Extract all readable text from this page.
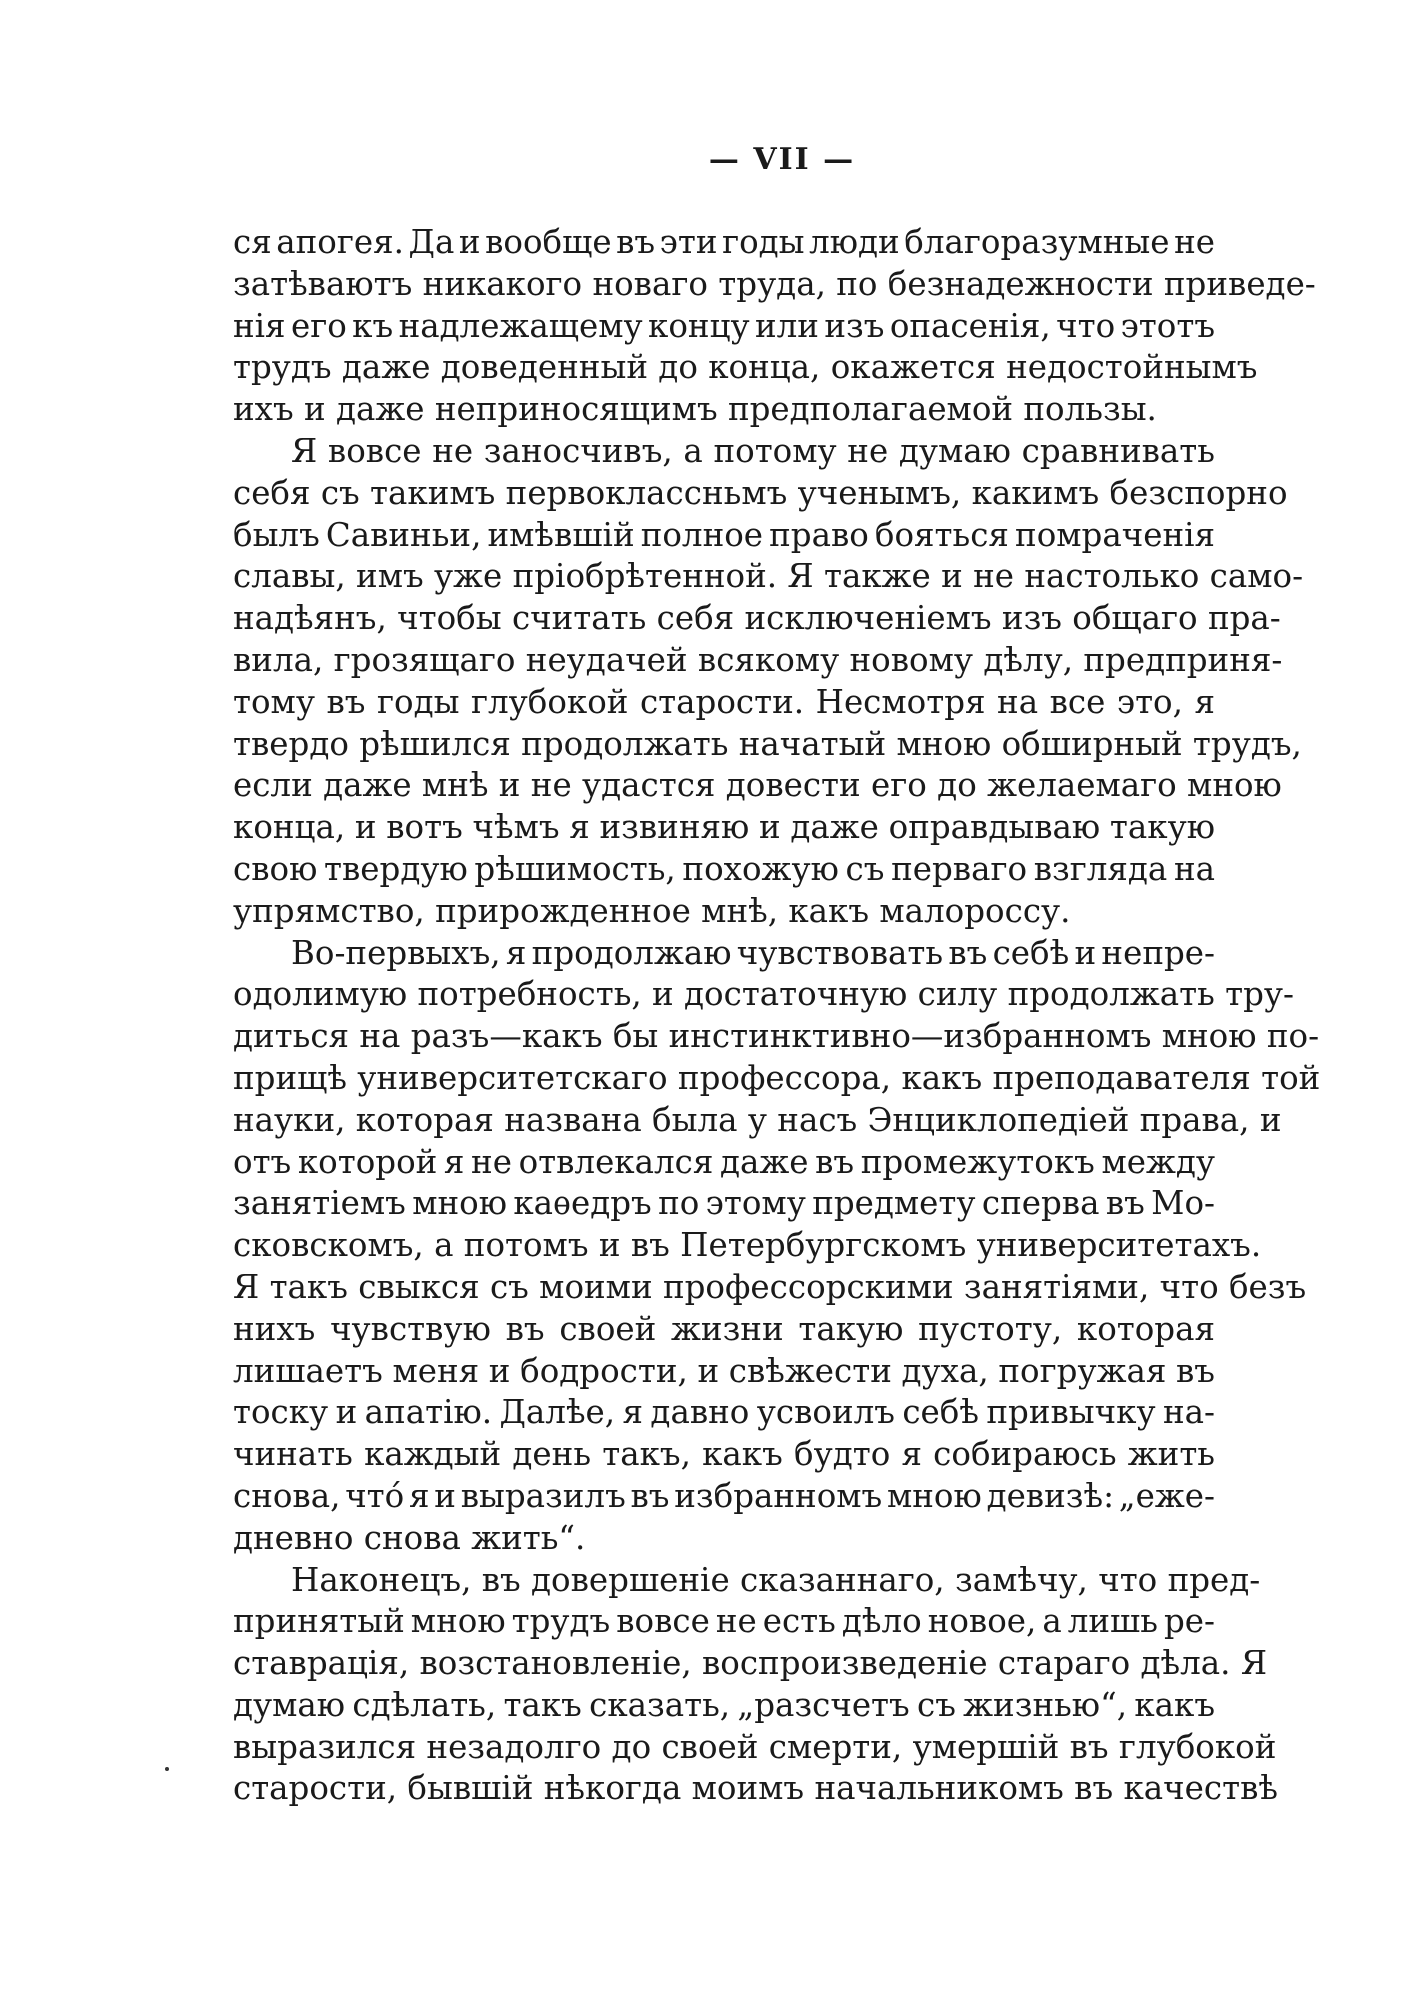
— VII —
ся апогея. Да и вообще въ эти годы люди благоразумные не
затѣваютъ никакого новаго труда, по безнадежности приведе-
нія его къ надлежащему концу или изъ опасенія, что этотъ
трудъ даже доведенный до конца, окажется недостойнымъ
ихъ и даже неприносящимъ предполагаемой пользы.
Я вовсе не заносчивъ, а потому не думаю сравнивать
себя съ такимъ первоклассньмъ ученымъ, какимъ безспорно
былъ Савиньи, имѣвшій полное право бояться помраченія
славы, имъ уже пріобрѣтенной. Я также и не настолько само-
надѣянъ, чтобы считать себя исключеніемъ изъ общаго пра-
вила, грозящаго неудачей всякому новому дѣлу, предприня-
тому въ годы глубокой старости. Несмотря на все это, я
твердо рѣшился продолжать начатый мною обширный трудъ,
если даже мнѣ и не удастся довести его до желаемаго мною
конца, и вотъ чѣмъ я извиняю и даже оправдываю такую
свою твердую рѣшимость, похожую съ перваго взгляда на
упрямство, прирожденное мнѣ, какъ малороссу.
Во-первыхъ, я продолжаю чувствовать въ себѣ и непре-
одолимую потребность, и достаточную силу продолжать тру-
диться на разъ—какъ бы инстинктивно—избранномъ мною по-
прищѣ университетскаго профессора, какъ преподавателя той
науки, которая названа была у насъ Энциклопедіей права, и
отъ которой я не отвлекался даже въ промежутокъ между
занятіемъ мною каѳедръ по этому предмету сперва въ Мо-
сковскомъ, а потомъ и въ Петербургскомъ университетахъ.
Я такъ свыкся съ моими профессорскими занятіями, что безъ
нихъ чувствую въ своей жизни такую пустоту, которая
лишаетъ меня и бодрости, и свѣжести духа, погружая въ
тоску и апатію. Далѣе, я давно усвоилъ себѣ привычку на-
чинать каждый день такъ, какъ будто я собираюсь жить
снова, что́ я и выразилъ въ избранномъ мною девизѣ: „еже-
дневно снова жить“.
Наконецъ, въ довершеніе сказаннаго, замѣчу, что пред-
принятый мною трудъ вовсе не есть дѣло новое, а лишь ре-
ставрація, возстановленіе, воспроизведеніе стараго дѣла. Я
думаю сдѣлать, такъ сказать, „разсчетъ съ жизнью“, какъ
выразился незадолго до своей смерти, умершій въ глубокой
старости, бывшій нѣкогда моимъ начальникомъ въ качествѣ
